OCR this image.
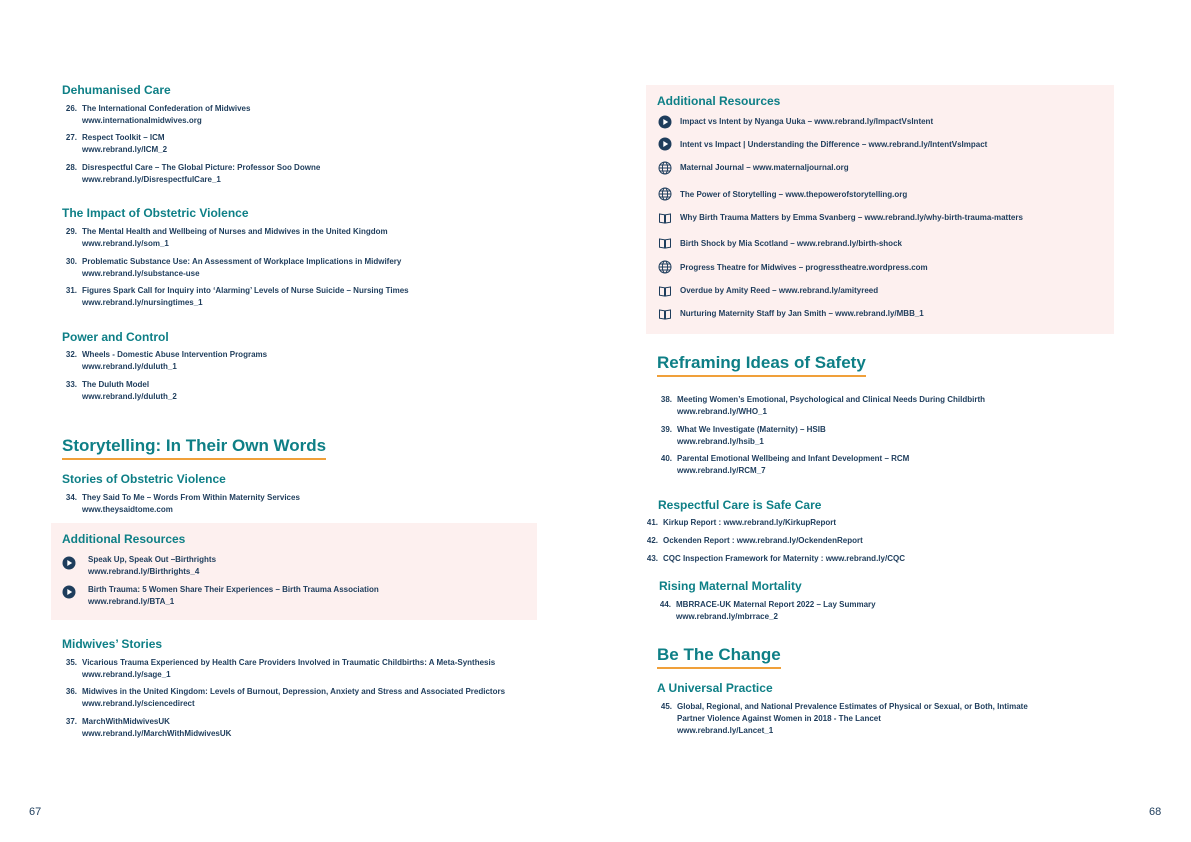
Dehumanised Care
26. The International Confederation of Midwives
www.internationalmidwives.org
27. Respect Toolkit – ICM
www.rebrand.ly/ICM_2
28. Disrespectful Care – The Global Picture: Professor Soo Downe
www.rebrand.ly/DisrespectfulCare_1
The Impact of Obstetric Violence
29. The Mental Health and Wellbeing of Nurses and Midwives in the United Kingdom
www.rebrand.ly/som_1
30. Problematic Substance Use: An Assessment of Workplace Implications in Midwifery
www.rebrand.ly/substance-use
31. Figures Spark Call for Inquiry into ‘Alarming’ Levels of Nurse Suicide – Nursing Times
www.rebrand.ly/nursingtimes_1
Power and Control
32. Wheels - Domestic Abuse Intervention Programs
www.rebrand.ly/duluth_1
33. The Duluth Model
www.rebrand.ly/duluth_2
Storytelling: In Their Own Words
Stories of Obstetric Violence
34. They Said To Me – Words From Within Maternity Services
www.theysaidtome.com
Additional Resources
Speak Up, Speak Out –Birthrights
www.rebrand.ly/Birthrights_4
Birth Trauma: 5 Women Share Their Experiences – Birth Trauma Association
www.rebrand.ly/BTA_1
Midwives’ Stories
35. Vicarious Trauma Experienced by Health Care Providers Involved in Traumatic Childbirths: A Meta-Synthesis
www.rebrand.ly/sage_1
36. Midwives in the United Kingdom: Levels of Burnout, Depression, Anxiety and Stress and Associated Predictors
www.rebrand.ly/sciencedirect
37. MarchWithMidwivesUK
www.rebrand.ly/MarchWithMidwivesUK
67
Additional Resources
Impact vs Intent by Nyanga Uuka – www.rebrand.ly/ImpactVsIntent
Intent vs Impact | Understanding the Difference – www.rebrand.ly/IntentVsImpact
Maternal Journal – www.maternaljournal.org
The Power of Storytelling – www.thepowerofstorytelling.org
Why Birth Trauma Matters by Emma Svanberg – www.rebrand.ly/why-birth-trauma-matters
Birth Shock by Mia Scotland – www.rebrand.ly/birth-shock
Progress Theatre for Midwives – progresstheatre.wordpress.com
Overdue by Amity Reed – www.rebrand.ly/amityreed
Nurturing Maternity Staff by Jan Smith – www.rebrand.ly/MBB_1
Reframing Ideas of Safety
38. Meeting Women’s Emotional, Psychological and Clinical Needs During Childbirth
www.rebrand.ly/WHO_1
39. What We Investigate (Maternity) – HSIB
www.rebrand.ly/hsib_1
40. Parental Emotional Wellbeing and Infant Development – RCM
www.rebrand.ly/RCM_7
Respectful Care is Safe Care
41. Kirkup Report : www.rebrand.ly/KirkupReport
42. Ockenden Report : www.rebrand.ly/OckendenReport
43. CQC Inspection Framework for Maternity : www.rebrand.ly/CQC
Rising Maternal Mortality
44. MBRRACE-UK Maternal Report 2022 – Lay Summary
www.rebrand.ly/mbrrace_2
Be The Change
A Universal Practice
45. Global, Regional, and National Prevalence Estimates of Physical or Sexual, or Both, Intimate
Partner Violence Against Women in 2018 - The Lancet
www.rebrand.ly/Lancet_1
68
